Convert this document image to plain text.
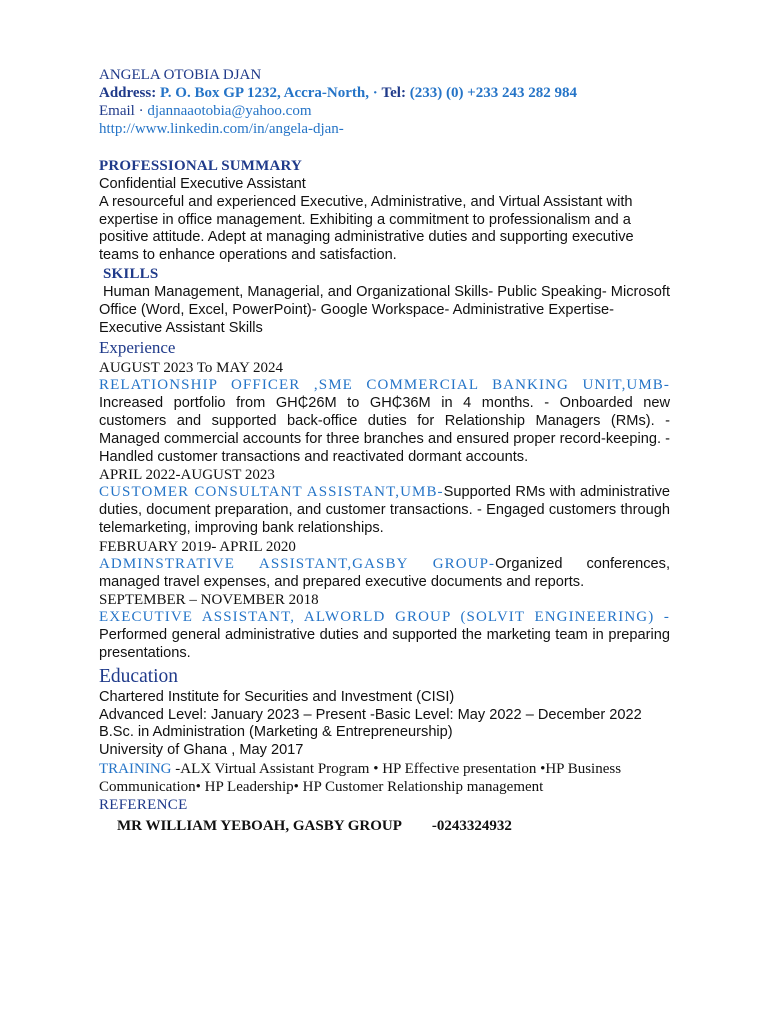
ANGELA OTOBIA DJAN

Address: P. O. Box GP 1232, Accra-North, · Tel: (233) (0) +233 243 282 984

Email · djannaaotobia@yahoo.com

http://www.linkedin.com/in/angela-djan-

PROFESSIONAL SUMMARY

Confidential Executive Assistant

A resourceful and experienced Executive, Administrative, and Virtual Assistant with expertise in office management. Exhibiting a commitment to professionalism and a positive attitude. Adept at managing administrative duties and supporting executive teams to enhance operations and satisfaction.

SKILLS

Human Management, Managerial, and Organizational Skills- Public Speaking- Microsoft Office (Word, Excel, PowerPoint)- Google Workspace- Administrative Expertise- Executive Assistant Skills

Experience

AUGUST 2023 To MAY 2024

RELATIONSHIP OFFICER ,SME COMMERCIAL BANKING UNIT,UMB- Increased portfolio from GH₵26M to GH₵36M in 4 months. - Onboarded new customers and supported back-office duties for Relationship Managers (RMs). - Managed commercial accounts for three branches and ensured proper record-keeping. - Handled customer transactions and reactivated dormant accounts.

APRIL 2022-AUGUST 2023

CUSTOMER CONSULTANT ASSISTANT,UMB-Supported RMs with administrative duties, document preparation, and customer transactions. - Engaged customers through telemarketing, improving bank relationships.

FEBRUARY 2019- APRIL 2020

ADMINSTRATIVE ASSISTANT,GASBY GROUP-Organized conferences, managed travel expenses, and prepared executive documents and reports.

SEPTEMBER – NOVEMBER 2018

EXECUTIVE ASSISTANT, ALWORLD GROUP (SOLVIT ENGINEERING) -Performed general administrative duties and supported the marketing team in preparing presentations.

Education

Chartered Institute for Securities and Investment (CISI)

Advanced Level: January 2023 – Present -Basic Level: May 2022 – December 2022

B.Sc. in Administration (Marketing & Entrepreneurship)

University of Ghana , May 2017

TRAINING -ALX Virtual Assistant Program • HP Effective presentation •HP Business Communication• HP Leadership• HP Customer Relationship management

REFERENCE

MR WILLIAM YEBOAH, GASBY GROUP -0243324932
